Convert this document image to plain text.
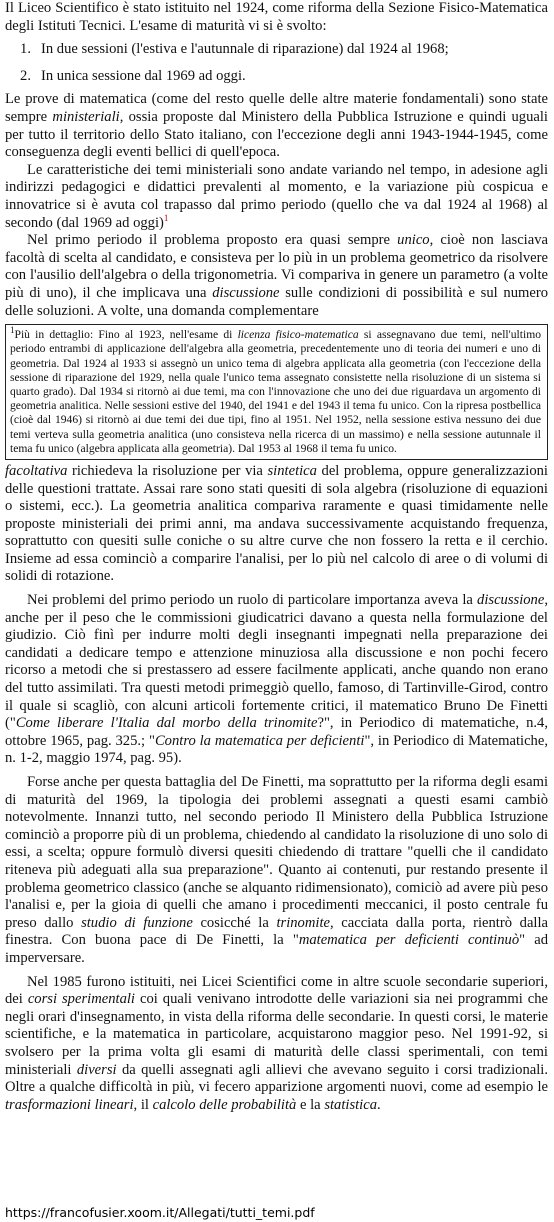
Il Liceo Scientifico è stato istituito nel 1924, come riforma della Sezione Fisico-Matematica degli Istituti Tecnici. L'esame di maturità vi si è svolto:

1. In due sessioni (l'estiva e l'autunnale di riparazione) dal 1924 al 1968;
2. In unica sessione dal 1969 ad oggi.

Le prove di matematica (come del resto quelle delle altre materie fondamentali) sono state sempre ministeriali, ossia proposte dal Ministero della Pubblica Istruzione e quindi uguali per tutto il territorio dello Stato italiano, con l'eccezione degli anni 1943-1944-1945, come conseguenza degli eventi bellici di quell'epoca.

Le caratteristiche dei temi ministeriali sono andate variando nel tempo, in adesione agli indirizzi pedagogici e didattici prevalenti al momento, e la variazione più cospicua e innovatrice si è avuta col trapasso dal primo periodo (quello che va dal 1924 al 1968) al secondo (dal 1969 ad oggi)$^1$

Nel primo periodo il problema proposto era quasi sempre unico, cioè non lasciava facoltà di scelta al candidato, e consisteva per lo più in un problema geometrico da risolvere con l'ausilio dell'algebra o della trigonometria. Vi compariva in genere un parametro (a volte più di uno), il che implicava una discussione sulle condizioni di possibilità e sul numero delle soluzioni. A volte, una domanda complementare

$^1$Più in dettaglio: Fino al 1923, nell'esame di licenza fisico-matematica si assegnavano due temi, nell'ultimo periodo entrambi di applicazione dell'algebra alla geometria, precedentemente uno di teoria dei numeri e uno di geometria. Dal 1924 al 1933 si assegnò un unico tema di algebra applicata alla geometria (con l'eccezione della sessione di riparazione del 1929, nella quale l'unico tema assegnato consistette nella risoluzione di un sistema si quarto grado). Dal 1934 si ritornò ai due temi, ma con l'innovazione che uno dei due riguardava un argomento di geometria analitica. Nelle sessioni estive del 1940, del 1941 e del 1943 il tema fu unico. Con la ripresa postbellica (cioè dal 1946) si ritornò ai due temi dei due tipi, fino al 1951. Nel 1952, nella sessione estiva nessuno dei due temi verteva sulla geometria analitica (uno consisteva nella ricerca di un massimo) e nella sessione autunnale il tema fu unico (algebra applicata alla geometria). Dal 1953 al 1968 il tema fu unico.

facoltativa richiedeva la risoluzione per via sintetica del problema, oppure generalizzazioni delle questioni trattate. Assai rare sono stati quesiti di sola algebra (risoluzione di equazioni o sistemi, ecc.). La geometria analitica compariva raramente e quasi timidamente nelle proposte ministeriali dei primi anni, ma andava successivamente acquistando frequenza, soprattutto con quesiti sulle coniche o su altre curve che non fossero la retta e il cerchio. Insieme ad essa cominciò a comparire l'analisi, per lo più nel calcolo di aree o di volumi di solidi di rotazione.

Nei problemi del primo periodo un ruolo di particolare importanza aveva la discussione, anche per il peso che le commissioni giudicatrici davano a questa nella formulazione del giudizio. Ciò finì per indurre molti degli insegnanti impegnati nella preparazione dei candidati a dedicare tempo e attenzione minuziosa alla discussione e non pochi fecero ricorso a metodi che si prestassero ad essere facilmente applicati, anche quando non erano del tutto assimilati. Tra questi metodi primeggiò quello, famoso, di Tartinville-Girod, contro il quale si scagliò, con alcuni articoli fortemente critici, il matematico Bruno De Finetti ("Come liberare l'Italia dal morbo della trinomite?", in Periodico di matematiche, n.4, ottobre 1965, pag. 325.; "Contro la matematica per deficienti", in Periodico di Matematiche, n. 1-2, maggio 1974, pag. 95).

Forse anche per questa battaglia del De Finetti, ma soprattutto per la riforma degli esami di maturità del 1969, la tipologia dei problemi assegnati a questi esami cambiò notevolmente. Innanzi tutto, nel secondo periodo Il Ministero della Pubblica Istruzione cominciò a proporre più di un problema, chiedendo al candidato la risoluzione di uno solo di essi, a scelta; oppure formulò diversi quesiti chiedendo di trattare "quelli che il candidato riteneva più adeguati alla sua preparazione". Quanto ai contenuti, pur restando presente il problema geometrico classico (anche se alquanto ridimensionato), comiciò ad avere più peso l'analisi e, per la gioia di quelli che amano i procedimenti meccanici, il posto centrale fu preso dallo studio di funzione cosicché la trinomite, cacciata dalla porta, rientrò dalla finestra. Con buona pace di De Finetti, la "matematica per deficienti continuò" ad imperversare.

Nel 1985 furono istituiti, nei Licei Scientifici come in altre scuole secondarie superiori, dei corsi sperimentali coi quali venivano introdotte delle variazioni sia nei programmi che negli orari d'insegnamento, in vista della riforma delle secondarie. In questi corsi, le materie scientifiche, e la matematica in particolare, acquistarono maggior peso. Nel 1991-92, si svolsero per la prima volta gli esami di maturità delle classi sperimentali, con temi ministeriali diversi da quelli assegnati agli allievi che avevano seguito i corsi tradizionali. Oltre a qualche difficoltà in più, vi fecero apparizione argomenti nuovi, come ad esempio le trasformazioni lineari, il calcolo delle probabilità e la statistica.

https://francofusier.xoom.it/Allegati/tutti_temi.pdf
